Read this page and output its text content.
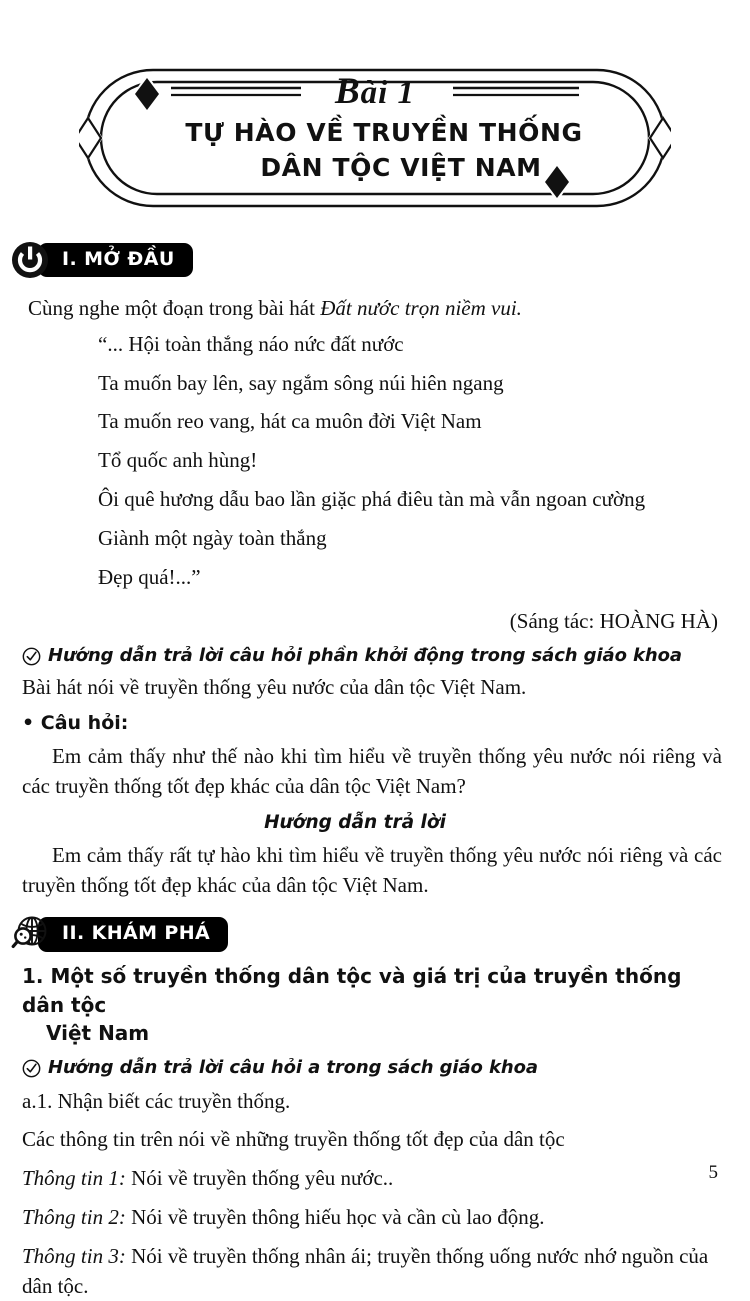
Bài 1
TỰ HÀO VỀ TRUYỀN THỐNG
DÂN TỘC VIỆT NAM
I. MỞ ĐẦU
Cùng nghe một đoạn trong bài hát Đất nước trọn niềm vui.
“... Hội toàn thắng náo nức đất nước
Ta muốn bay lên, say ngắm sông núi hiên ngang
Ta muốn reo vang, hát ca muôn đời Việt Nam
Tổ quốc anh hùng!
Ôi quê hương dẫu bao lần giặc phá điêu tàn mà vẫn ngoan cường
Giành một ngày toàn thắng
Đẹp quá!...”
(Sáng tác: HOÀNG HÀ)
Hướng dẫn trả lời câu hỏi phần khởi động trong sách giáo khoa
Bài hát nói về truyền thống yêu nước của dân tộc Việt Nam.
• Câu hỏi:
Em cảm thấy như thế nào khi tìm hiểu về truyền thống yêu nước nói riêng và các truyền thống tốt đẹp khác của dân tộc Việt Nam?
Hướng dẫn trả lời
Em cảm thấy rất tự hào khi tìm hiểu về truyền thống yêu nước nói riêng và các truyền thống tốt đẹp khác của dân tộc Việt Nam.
II. KHÁM PHÁ
1. Một số truyền thống dân tộc và giá trị của truyền thống dân tộc
Việt Nam
Hướng dẫn trả lời câu hỏi a trong sách giáo khoa
a.1. Nhận biết các truyền thống.
Các thông tin trên nói về những truyền thống tốt đẹp của dân tộc
Thông tin 1: Nói về truyền thống yêu nước..
Thông tin 2: Nói về truyền thông hiếu học và cần cù lao động.
Thông tin 3: Nói về truyền thống nhân ái; truyền thống uống nước nhớ nguồn của dân tộc.
5
